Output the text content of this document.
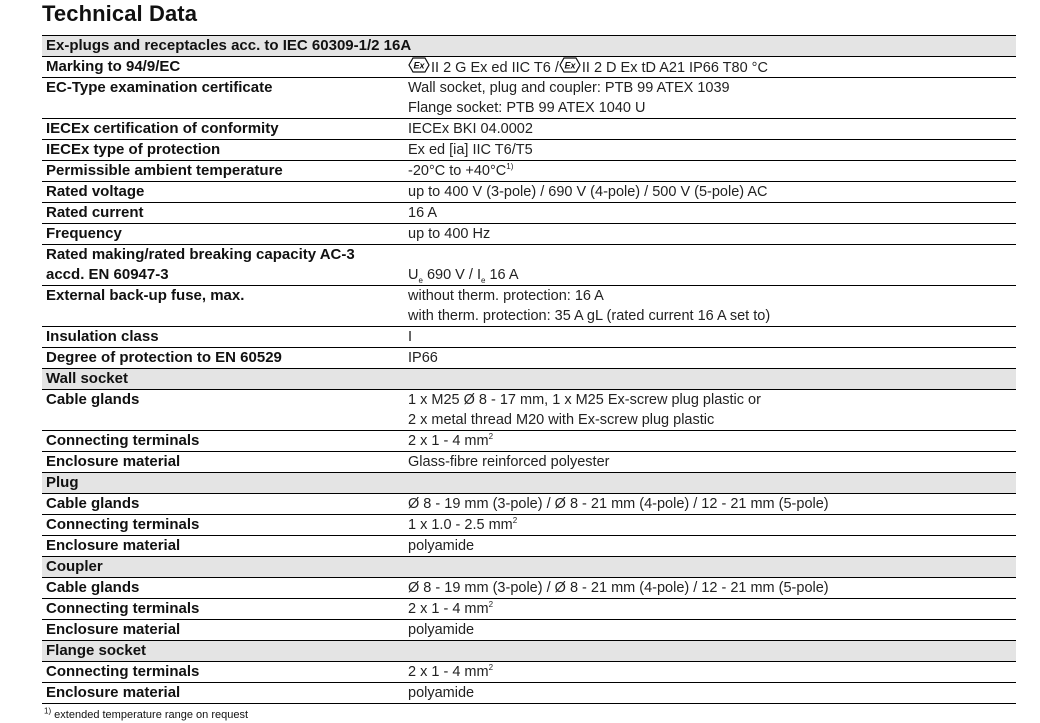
Technical Data
Ex-plugs and receptacles acc. to IEC 60309-1/2 16A
Marking to 94/9/EC	Ex II 2 G Ex ed IIC T6 / Ex II 2 D Ex tD A21 IP66 T80 °C
EC-Type examination certificate	Wall socket, plug and coupler: PTB 99 ATEX 1039
Flange socket: PTB 99 ATEX 1040 U
IECEx certification of conformity	IECEx BKI 04.0002
IECEx type of protection	Ex ed [ia] IIC T6/T5
Permissible ambient temperature	-20°C to $+40^\circ C^{1)}$
Rated voltage	up to 400 V (3-pole) / 690 V (4-pole) / 500 V (5-pole) AC
Rated current	16 A
Frequency	up to 400 Hz
Rated making/rated breaking capacity AC-3
accd. EN 60947-3	$U_e$ 690 V / $I_e$ 16 A
External back-up fuse, max.	without therm. protection: 16 A
with therm. protection: 35 A gL (rated current 16 A set to)
Insulation class	I
Degree of protection to EN 60529	IP66
Wall socket
Cable glands	1 x M25 Ø 8 - 17 mm, 1 x M25 Ex-screw plug plastic or
2 x metal thread M20 with Ex-screw plug plastic
Connecting terminals	2 x 1 - 4 $mm^2$
Enclosure material	Glass-fibre reinforced polyester
Plug
Cable glands	Ø 8 - 19 mm (3-pole) / Ø 8 - 21 mm (4-pole) / 12 - 21 mm (5-pole)
Connecting terminals	1 x 1.0 - 2.5 $mm^2$
Enclosure material	polyamide
Coupler
Cable glands	Ø 8 - 19 mm (3-pole) / Ø 8 - 21 mm (4-pole) / 12 - 21 mm (5-pole)
Connecting terminals	2 x 1 - 4 $mm^2$
Enclosure material	polyamide
Flange socket
Connecting terminals	2 x 1 - 4 $mm^2$
Enclosure material	polyamide
$^{1)}$ extended temperature range on request
